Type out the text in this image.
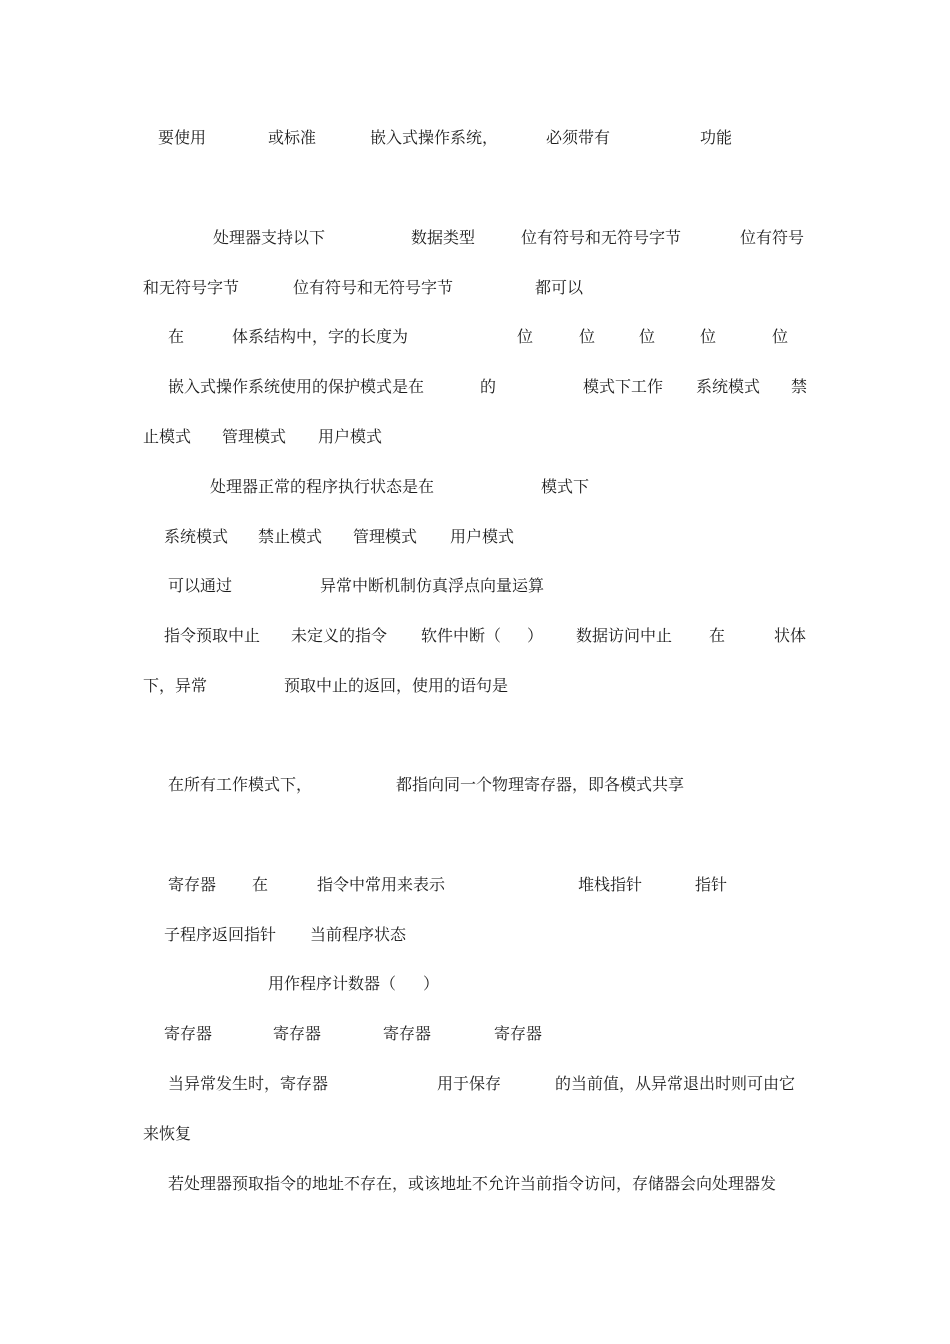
要使用	或标准	嵌入式操作系统，	必须带有	功能
处理器支持以下	数据类型	位有符号和无符号字节	位有符号
和无符号字节	位有符号和无符号字节	都可以
在	体系结构中，字的长度为	位	位	位	位	位
嵌入式操作系统使用的保护模式是在	的	模式下工作 系统模式 禁
止模式 管理模式 用户模式
处理器正常的程序执行状态是在	模式下
系统模式 禁止模式 管理模式 用户模式
可以通过	异常中断机制仿真浮点向量运算
指令预取中止 未定义的指令 软件中断（ ） 数据访问中止 在	状体
下，异常	预取中止的返回，使用的语句是
在所有工作模式下，	都指向同一个物理寄存器，即各模式共享
寄存器 在	指令中常用来表示	堆栈指针	指针
子程序返回指针 当前程序状态
用作程序计数器（ ）
寄存器	寄存器	寄存器	寄存器
当异常发生时，寄存器	用于保存	的当前值，从异常退出时则可由它
来恢复
若处理器预取指令的地址不存在，或该地址不允许当前指令访问，存储器会向处理器发
